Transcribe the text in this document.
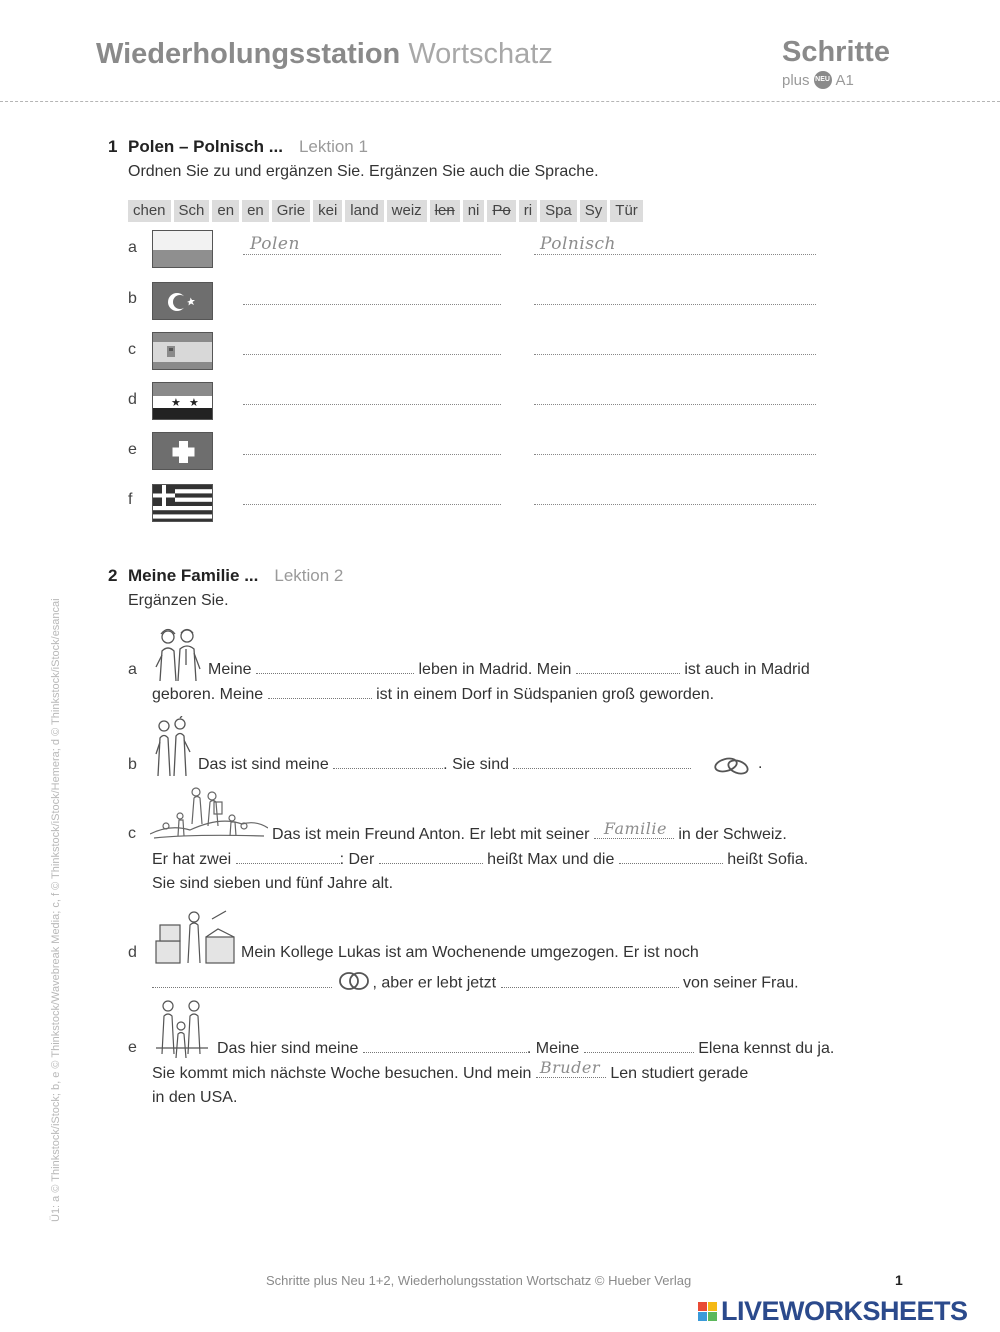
Wiederholungsstation Wortschatz	Schritte
plus NEU A1
Ü1: a © Thinkstock/iStock; b, e © Thinkstock/Wavebreak Media; c, f © Thinkstock/iStock/Hemera; d © Thinkstock/iStock/esancai
1 Polen – Polnisch ... Lektion 1
Ordnen Sie zu und ergänzen Sie. Ergänzen Sie auch die Sprache.
chen Sch en en Grie kei land weiz len ni Po ri Spa Sy Tür
a	Polen	Polnisch
b
c
d	★ ★
e
f
2 Meine Familie ... Lektion 2
Ergänzen Sie.
a	Meine	leben in Madrid. Mein	ist auch in Madrid
geboren. Meine	ist in einem Dorf in Südspanien groß geworden.
b	Das ist sind meine	. Sie sind	.
c	Das ist mein Freund Anton. Er lebt mit seiner Familie in der Schweiz.
Er hat zwei	: Der	heißt Max und die	heißt Sofia.
Sie sind sieben und fünf Jahre alt.
d	Mein Kollege Lukas ist am Wochenende umgezogen. Er ist noch
, aber er lebt jetzt	von seiner Frau.
e	Das hier sind meine	. Meine	Elena kennst du ja.
Sie kommt mich nächste Woche besuchen. Und mein Bruder Len studiert gerade
in den USA.
Schritte plus Neu 1+2, Wiederholungsstation Wortschatz © Hueber Verlag	1
LIVEWORKSHEETS
